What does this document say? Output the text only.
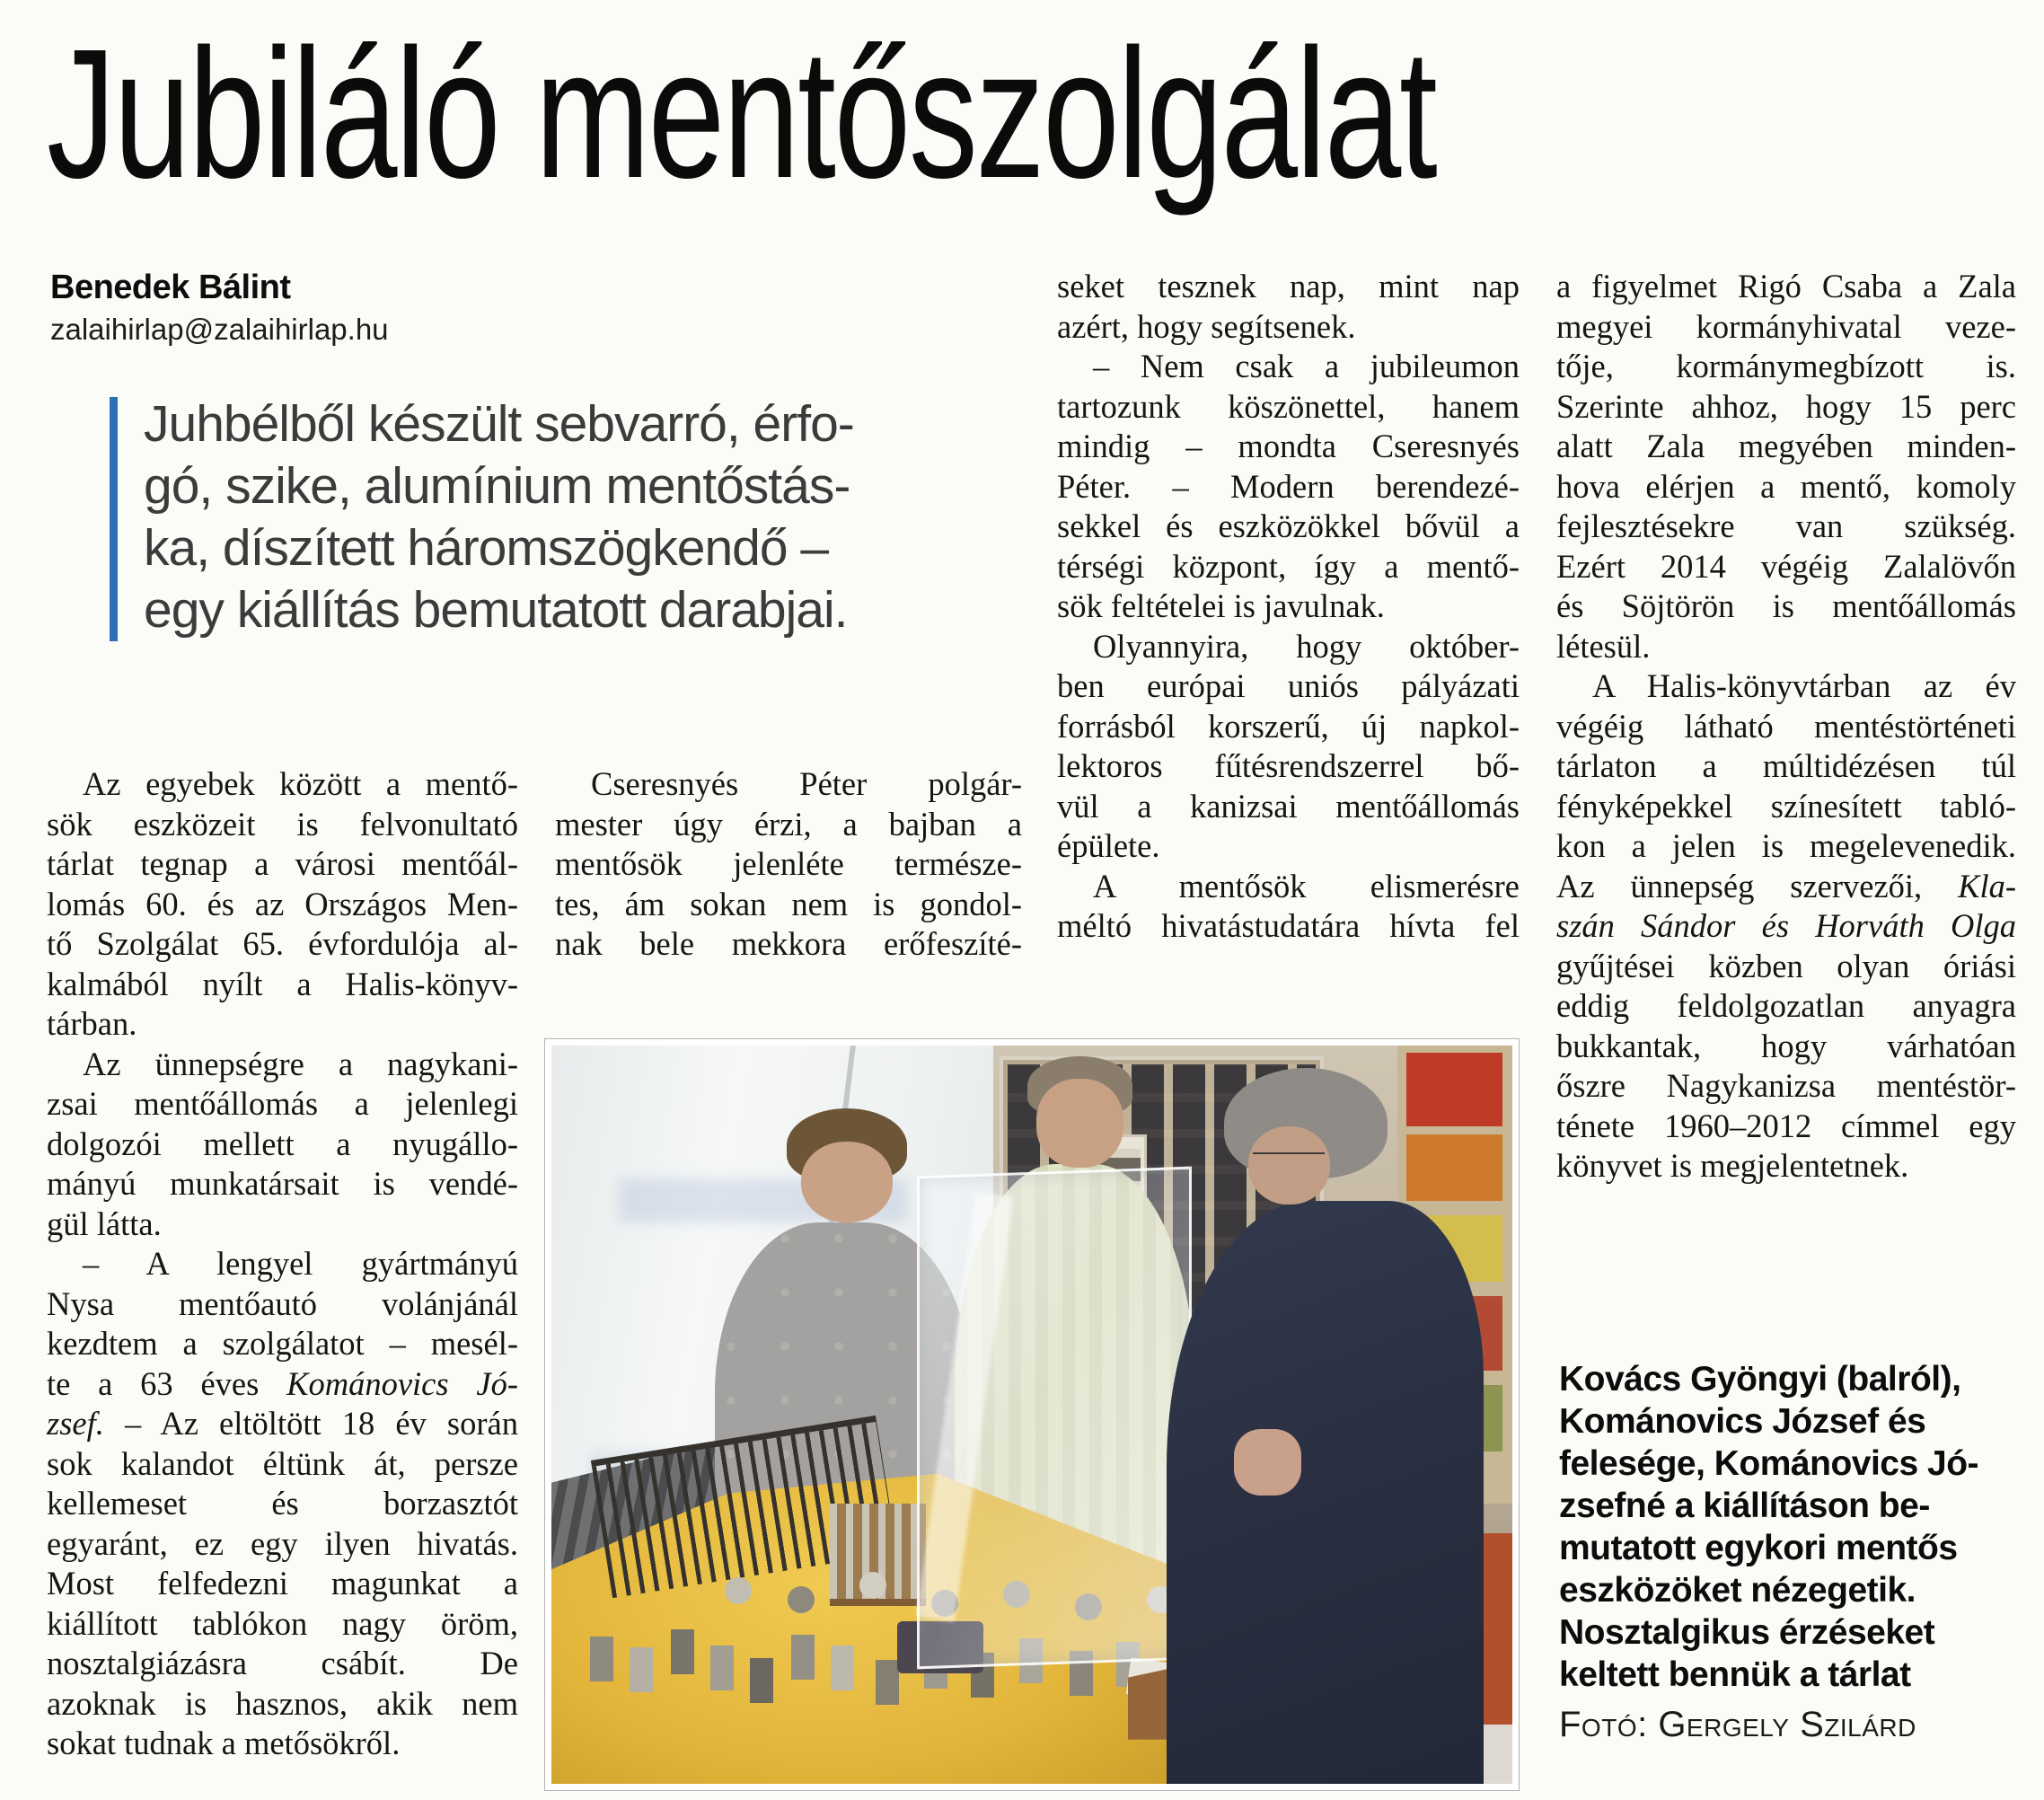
Jubiláló mentőszolgálat
Benedek Bálint
zalaihirlap@zalaihirlap.hu
Juhbélből készült sebvarró, érfo-
gó, szike, alumínium mentőstás-
ka, díszített háromszögkendő –
egy kiállítás bemutatott darabjai.
Az egyebek között a mentő-
sök eszközeit is felvonultató
tárlat tegnap a városi mentőál-
lomás 60. és az Országos Men-
tő Szolgálat 65. évfordulója al-
kalmából nyílt a Halis-könyv-
tárban.
Az ünnepségre a nagykani-
zsai mentőállomás a jelenlegi
dolgozói mellett a nyugállo-
mányú munkatársait is vendé-
gül látta.
– A lengyel gyártmányú
Nysa mentőautó volánjánál
kezdtem a szolgálatot – mesél-
te a 63 éves Kománovics Jó-
zsef. – Az eltöltött 18 év során
sok kalandot éltünk át, persze
kellemeset és borzasztót
egyaránt, ez egy ilyen hivatás.
Most felfedezni magunkat a
kiállított tablókon nagy öröm,
nosztalgiázásra csábít. De
azoknak is hasznos, akik nem
sokat tudnak a metősökről.
Cseresnyés Péter polgár-
mester úgy érzi, a bajban a
mentősök jelenléte természe-
tes, ám sokan nem is gondol-
nak bele mekkora erőfeszíté-
seket tesznek nap, mint nap
azért, hogy segítsenek.
– Nem csak a jubileumon
tartozunk köszönettel, hanem
mindig – mondta Cseresnyés
Péter. – Modern berendezé-
sekkel és eszközökkel bővül a
térségi központ, így a mentő-
sök feltételei is javulnak.
Olyannyira, hogy október-
ben európai uniós pályázati
forrásból korszerű, új napkol-
lektoros fűtésrendszerrel bő-
vül a kanizsai mentőállomás
épülete.
A mentősök elismerésre
méltó hivatástudatára hívta fel
a figyelmet Rigó Csaba a Zala
megyei kormányhivatal veze-
tője, kormánymegbízott is.
Szerinte ahhoz, hogy 15 perc
alatt Zala megyében minden-
hova elérjen a mentő, komoly
fejlesztésekre van szükség.
Ezért 2014 végéig Zalalövőn
és Söjtörön is mentőállomás
létesül.
A Halis-könyvtárban az év
végéig látható mentéstörténeti
tárlaton a múltidézésen túl
fényképekkel színesített tabló-
kon a jelen is megelevenedik.
Az ünnepség szervezői, Kla-
szán Sándor és Horváth Olga
gyűjtései közben olyan óriási
eddig feldolgozatlan anyagra
bukkantak, hogy várhatóan
őszre Nagykanizsa mentéstör-
ténete 1960–2012 címmel egy
könyvet is megjelentetnek.
Kovács Gyöngyi (balról),
Kománovics József és
felesége, Kománovics Jó-
zsefné a kiállításon be-
mutatott egykori mentős
eszközöket nézegetik.
Nosztalgikus érzéseket
keltett bennük a tárlat
Fotó: Gergely Szilárd
